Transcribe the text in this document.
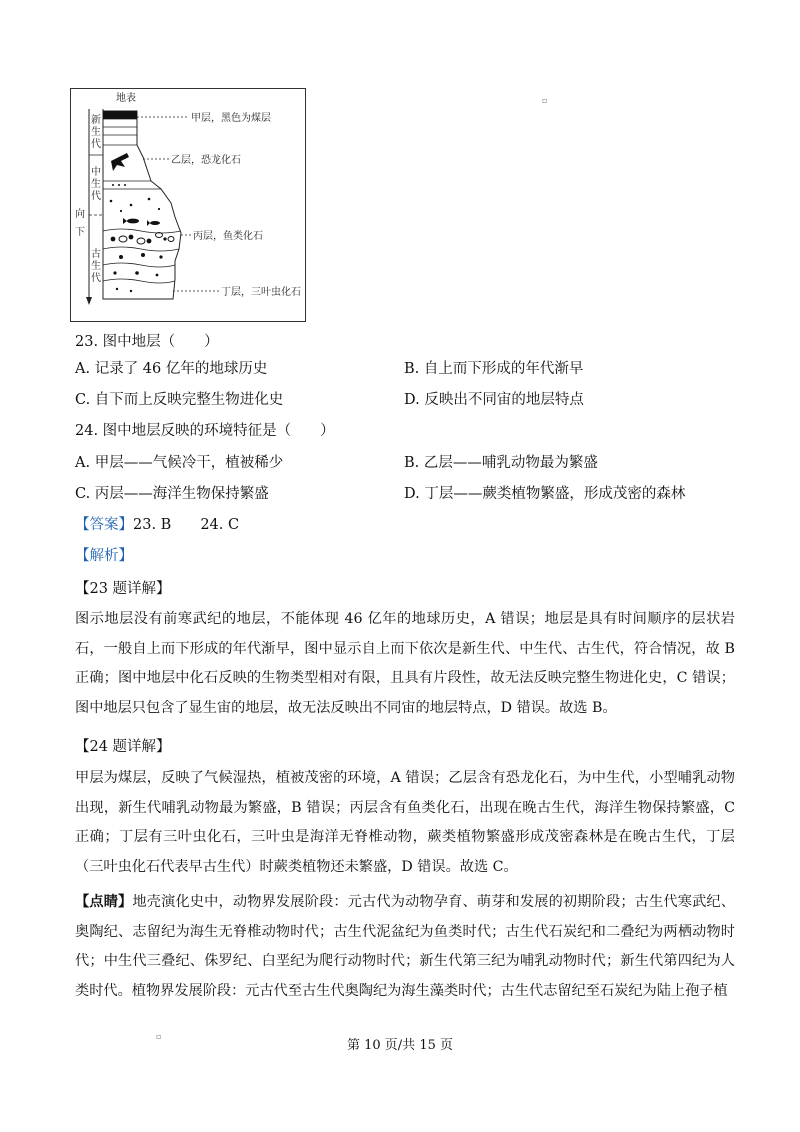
地表
新
生
代
中
生
代
古
生
代
向
下
甲层，黑色为煤层
乙层，恐龙化石
丙层，鱼类化石
丁层，三叶虫化石
▫
23. 图中地层（　　）
A. 记录了 46 亿年的地球历史	B. 自上而下形成的年代渐早
C. 自下而上反映完整生物进化史	D. 反映出不同宙的地层特点
24. 图中地层反映的环境特征是（　　）
A. 甲层——气候冷干，植被稀少	B. 乙层——哺乳动物最为繁盛
C. 丙层——海洋生物保持繁盛	D. 丁层——蕨类植物繁盛，形成茂密的森林
【答案】23. B　　24. C
【解析】
【23 题详解】
图示地层没有前寒武纪的地层，不能体现 46 亿年的地球历史，A 错误；地层是具有时间顺序的层状岩石，一般自上而下形成的年代渐早，图中显示自上而下依次是新生代、中生代、古生代，符合情况，故 B 正确；图中地层中化石反映的生物类型相对有限，且具有片段性，故无法反映完整生物进化史，C 错误；图中地层只包含了显生宙的地层，故无法反映出不同宙的地层特点，D 错误。故选 B。
【24 题详解】
甲层为煤层，反映了气候湿热，植被茂密的环境，A 错误；乙层含有恐龙化石，为中生代，小型哺乳动物出现，新生代哺乳动物最为繁盛，B 错误；丙层含有鱼类化石，出现在晚古生代，海洋生物保持繁盛，C 正确；丁层有三叶虫化石，三叶虫是海洋无脊椎动物，蕨类植物繁盛形成茂密森林是在晚古生代，丁层（三叶虫化石代表早古生代）时蕨类植物还未繁盛，D 错误。故选 C。
【点睛】地壳演化史中，动物界发展阶段：元古代为动物孕育、萌芽和发展的初期阶段；古生代寒武纪、奥陶纪、志留纪为海生无脊椎动物时代；古生代泥盆纪为鱼类时代；古生代石炭纪和二叠纪为两栖动物时代；中生代三叠纪、侏罗纪、白垩纪为爬行动物时代；新生代第三纪为哺乳动物时代；新生代第四纪为人类时代。植物界发展阶段：元古代至古生代奥陶纪为海生藻类时代；古生代志留纪至石炭纪为陆上孢子植
▫
第 10 页/共 15 页
